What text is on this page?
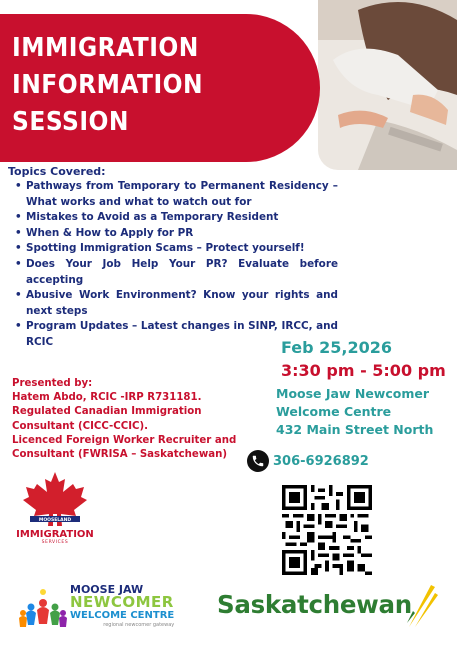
IMMIGRATION
INFORMATION
SESSION
Topics Covered:
• Pathways from Temporary to Permanent Residency – What works and what to watch out for
• Mistakes to Avoid as a Temporary Resident
• When & How to Apply for PR
• Spotting Immigration Scams – Protect yourself!
• Does Your Job Help Your PR? Evaluate before accepting
• Abusive Work Environment? Know your rights and next steps
• Program Updates – Latest changes in SINP, IRCC, and RCIC	Feb 25,2026
3:30 pm - 5:00 pm
Moose Jaw Newcomer
Welcome Centre
432 Main Street North
Presented by:
Hatem Abdo, RCIC -IRP R731181.
Regulated Canadian Immigration
Consultant (CICC-CCIC).
Licenced Foreign Worker Recruiter and
Consultant (FWRISA – Saskatchewan)	306-6926892
MOOSELAND
IMMIGRATION
SERVICES
MOOSE JAW
NEWCOMER
WELCOME CENTRE
regional newcomer gateway
Saskatchewan
